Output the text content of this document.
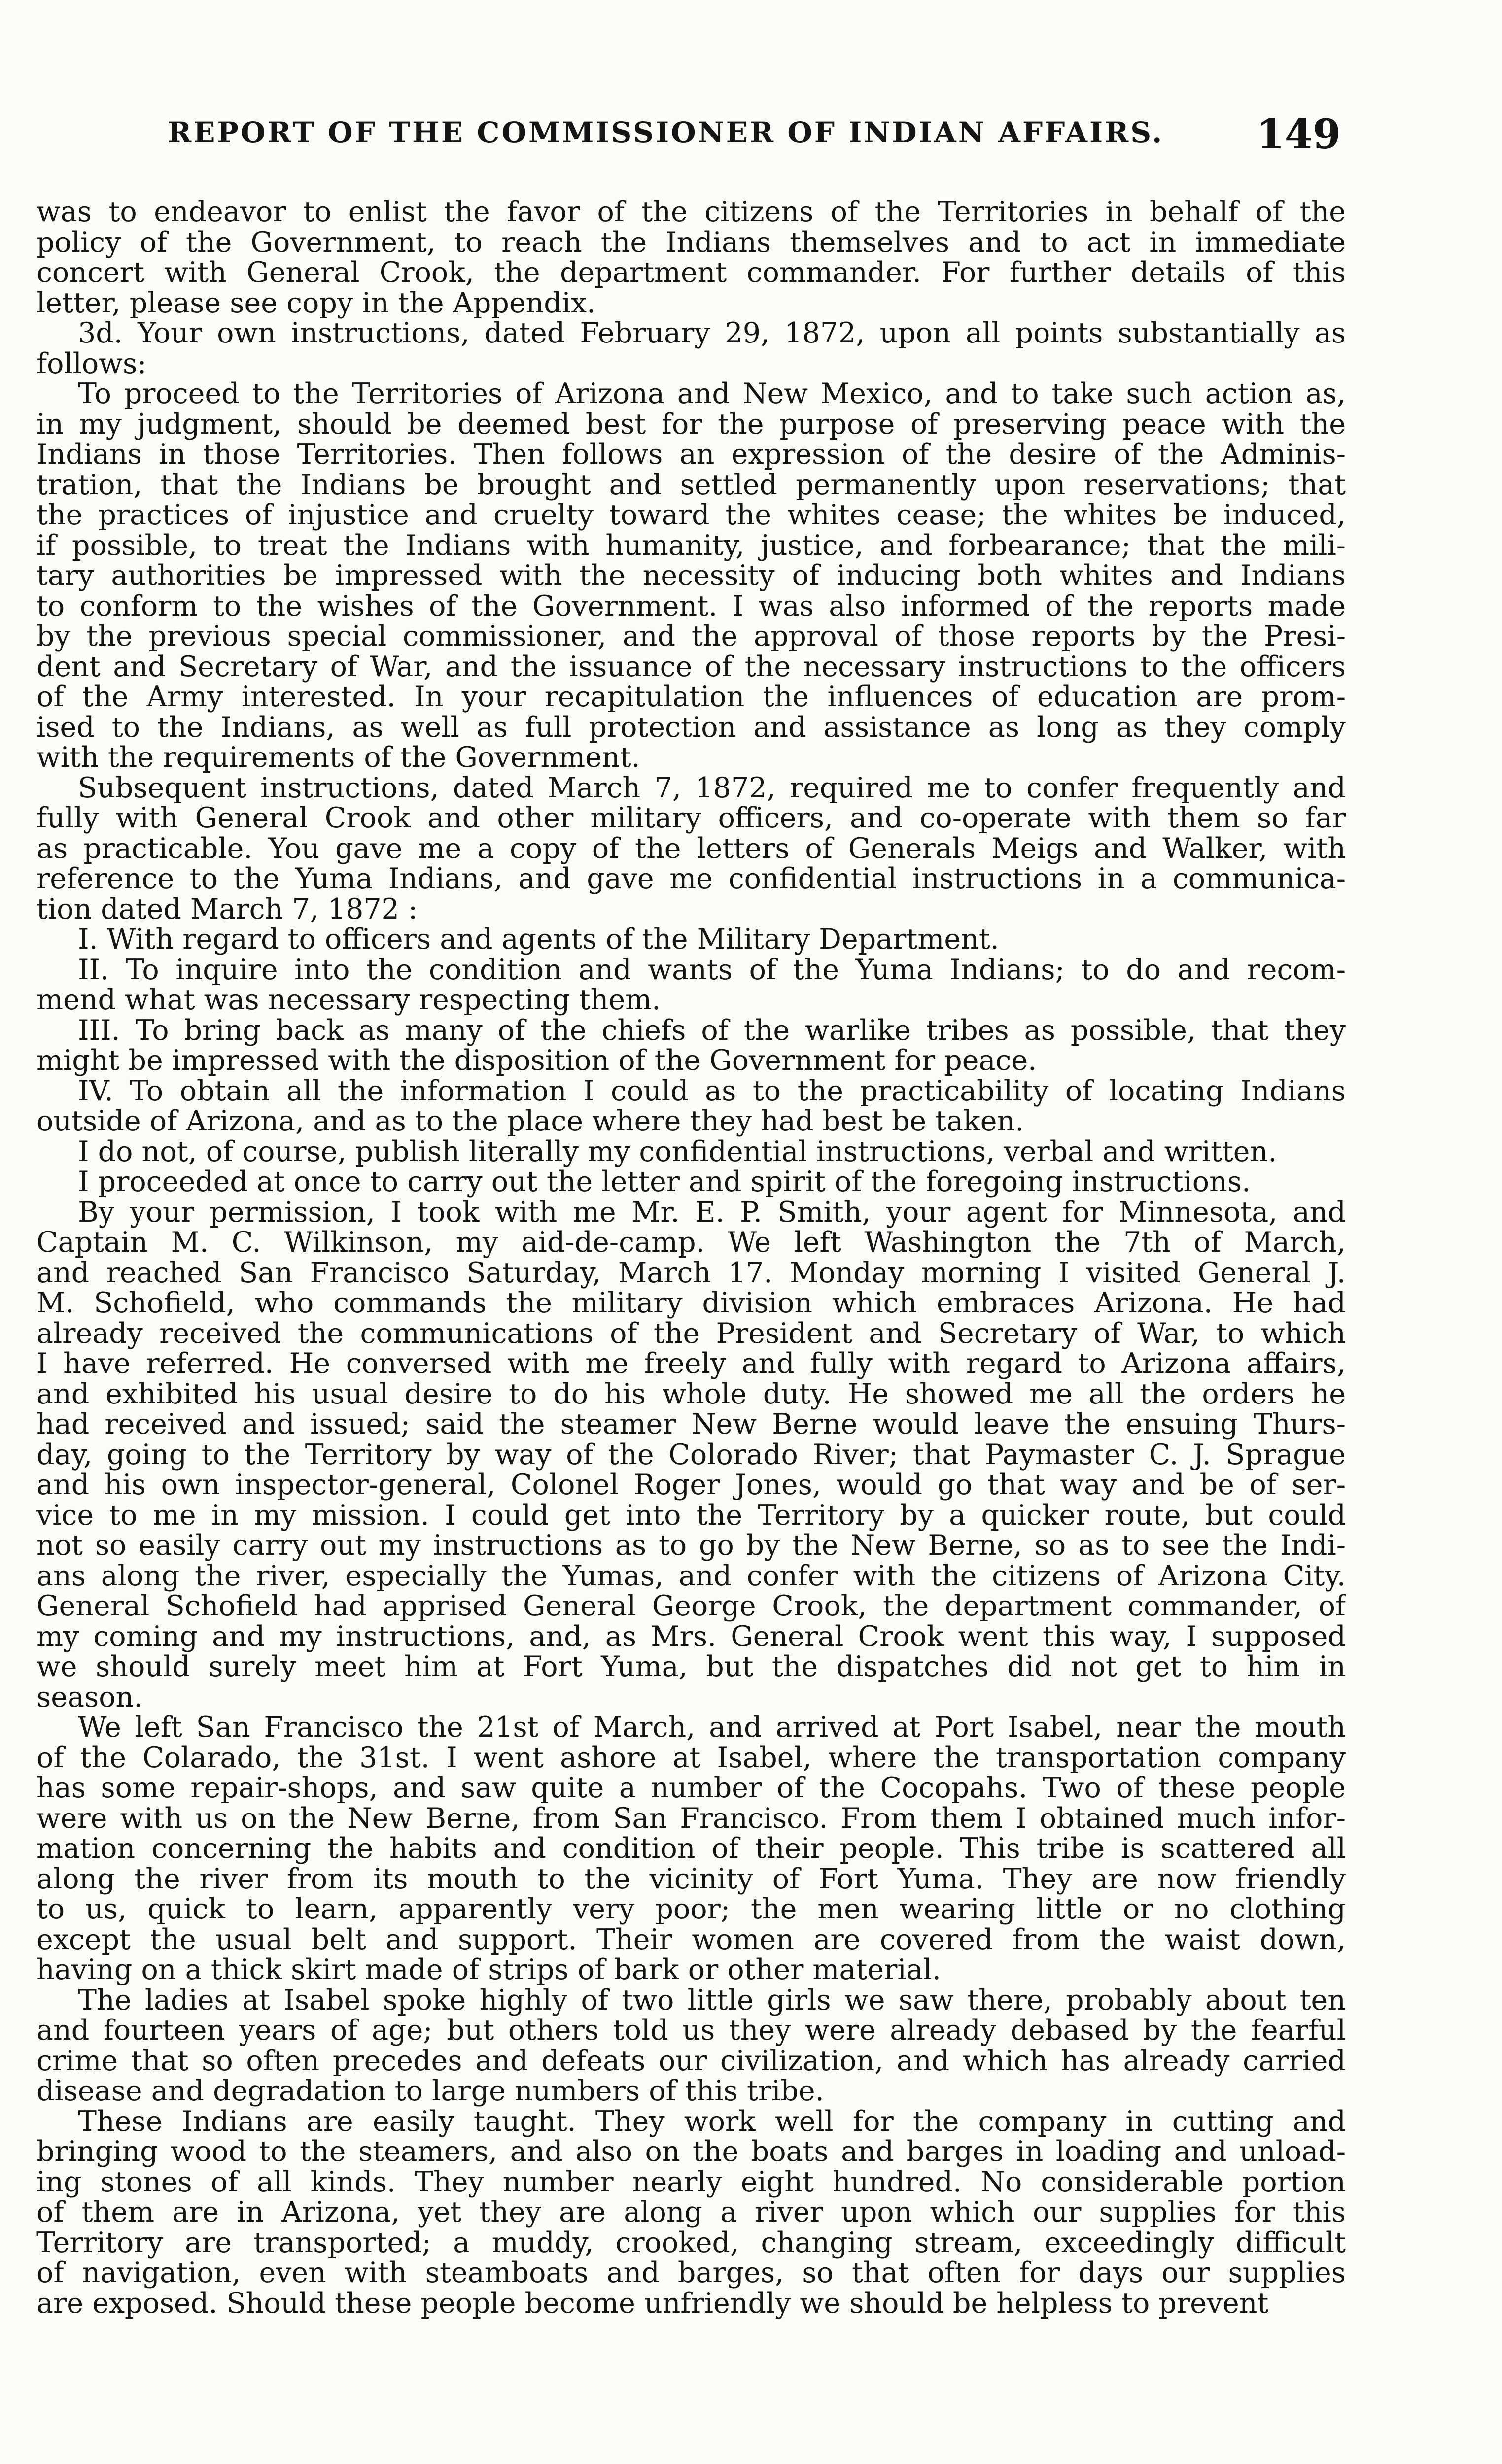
REPORT OF THE COMMISSIONER OF INDIAN AFFAIRS. 149
was to endeavor to enlist the favor of the citizens of the Territories in behalf of the
policy of the Government, to reach the Indians themselves and to act in immediate
concert with General Crook, the department commander. For further details of this
letter, please see copy in the Appendix.
3d. Your own instructions, dated February 29, 1872, upon all points substantially as
follows:
To proceed to the Territories of Arizona and New Mexico, and to take such action as,
in my judgment, should be deemed best for the purpose of preserving peace with the
Indians in those Territories. Then follows an expression of the desire of the Adminis-
tration, that the Indians be brought and settled permanently upon reservations; that
the practices of injustice and cruelty toward the whites cease; the whites be induced,
if possible, to treat the Indians with humanity, justice, and forbearance; that the mili-
tary authorities be impressed with the necessity of inducing both whites and Indians
to conform to the wishes of the Government. I was also informed of the reports made
by the previous special commissioner, and the approval of those reports by the Presi-
dent and Secretary of War, and the issuance of the necessary instructions to the officers
of the Army interested. In your recapitulation the influences of education are prom-
ised to the Indians, as well as full protection and assistance as long as they comply
with the requirements of the Government.
Subsequent instructions, dated March 7, 1872, required me to confer frequently and
fully with General Crook and other military officers, and co-operate with them so far
as practicable. You gave me a copy of the letters of Generals Meigs and Walker, with
reference to the Yuma Indians, and gave me confidential instructions in a communica-
tion dated March 7, 1872 :
I. With regard to officers and agents of the Military Department.
II. To inquire into the condition and wants of the Yuma Indians; to do and recom-
mend what was necessary respecting them.
III. To bring back as many of the chiefs of the warlike tribes as possible, that they
might be impressed with the disposition of the Government for peace.
IV. To obtain all the information I could as to the practicability of locating Indians
outside of Arizona, and as to the place where they had best be taken.
I do not, of course, publish literally my confidential instructions, verbal and written.
I proceeded at once to carry out the letter and spirit of the foregoing instructions.
By your permission, I took with me Mr. E. P. Smith, your agent for Minnesota, and
Captain M. C. Wilkinson, my aid-de-camp. We left Washington the 7th of March,
and reached San Francisco Saturday, March 17. Monday morning I visited General J.
M. Schofield, who commands the military division which embraces Arizona. He had
already received the communications of the President and Secretary of War, to which
I have referred. He conversed with me freely and fully with regard to Arizona affairs,
and exhibited his usual desire to do his whole duty. He showed me all the orders he
had received and issued; said the steamer New Berne would leave the ensuing Thurs-
day, going to the Territory by way of the Colorado River; that Paymaster C. J. Sprague
and his own inspector-general, Colonel Roger Jones, would go that way and be of ser-
vice to me in my mission. I could get into the Territory by a quicker route, but could
not so easily carry out my instructions as to go by the New Berne, so as to see the Indi-
ans along the river, especially the Yumas, and confer with the citizens of Arizona City.
General Schofield had apprised General George Crook, the department commander, of
my coming and my instructions, and, as Mrs. General Crook went this way, I supposed
we should surely meet him at Fort Yuma, but the dispatches did not get to him in
season.
We left San Francisco the 21st of March, and arrived at Port Isabel, near the mouth
of the Colarado, the 31st. I went ashore at Isabel, where the transportation company
has some repair-shops, and saw quite a number of the Cocopahs. Two of these people
were with us on the New Berne, from San Francisco. From them I obtained much infor-
mation concerning the habits and condition of their people. This tribe is scattered all
along the river from its mouth to the vicinity of Fort Yuma. They are now friendly
to us, quick to learn, apparently very poor; the men wearing little or no clothing
except the usual belt and support. Their women are covered from the waist down,
having on a thick skirt made of strips of bark or other material.
The ladies at Isabel spoke highly of two little girls we saw there, probably about ten
and fourteen years of age; but others told us they were already debased by the fearful
crime that so often precedes and defeats our civilization, and which has already carried
disease and degradation to large numbers of this tribe.
These Indians are easily taught. They work well for the company in cutting and
bringing wood to the steamers, and also on the boats and barges in loading and unload-
ing stones of all kinds. They number nearly eight hundred. No considerable portion
of them are in Arizona, yet they are along a river upon which our supplies for this
Territory are transported; a muddy, crooked, changing stream, exceedingly difficult
of navigation, even with steamboats and barges, so that often for days our supplies
are exposed. Should these people become unfriendly we should be helpless to prevent
